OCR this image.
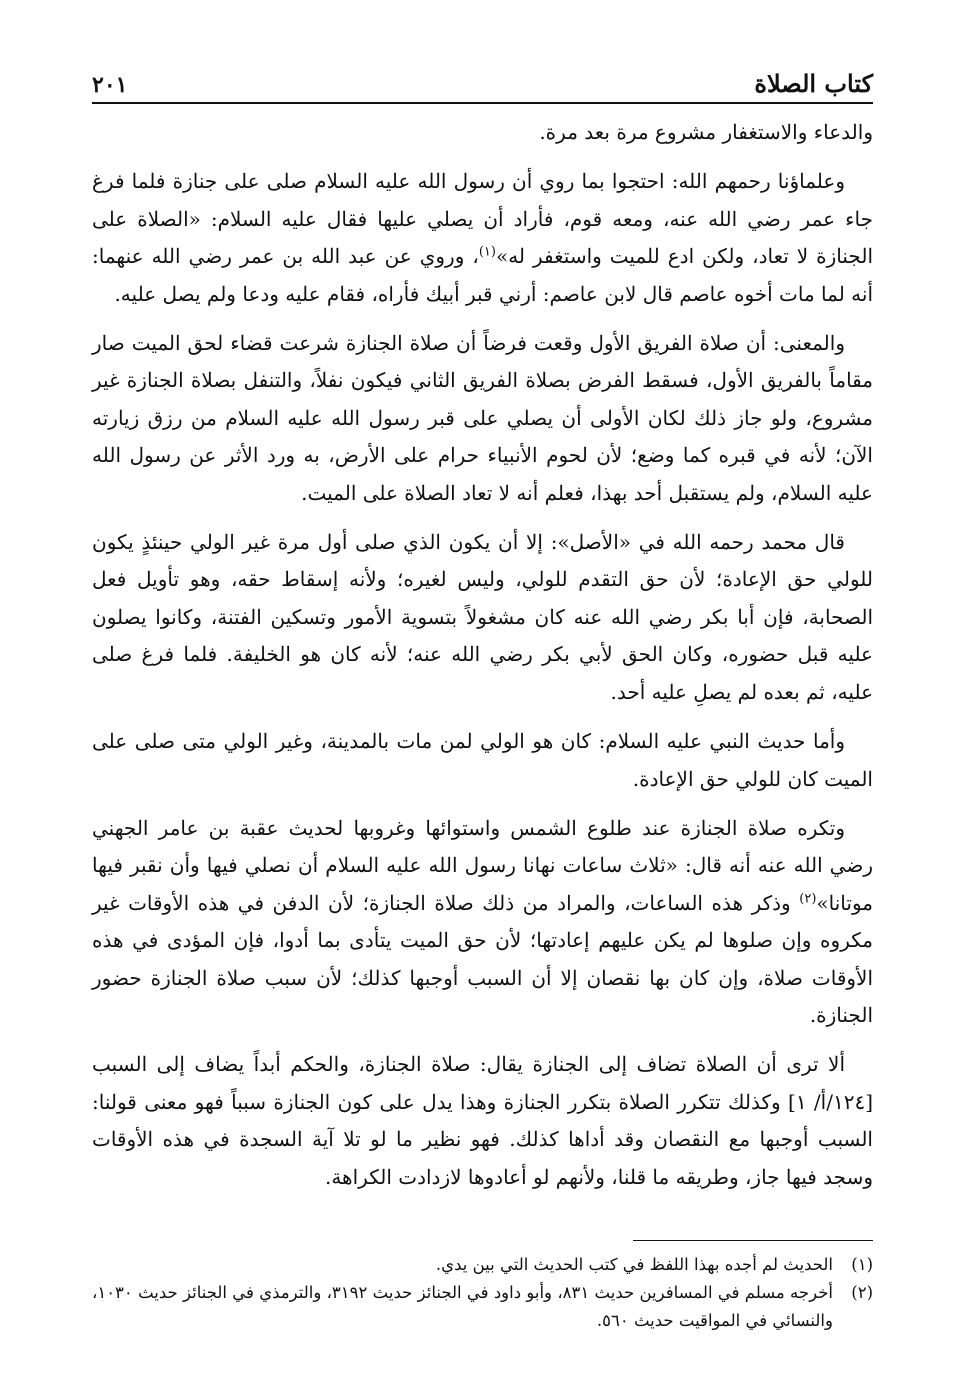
كتاب الصلاة
٢٠١

والدعاء والاستغفار مشروع مرة بعد مرة.

وعلماؤنا رحمهم الله: احتجوا بما روي أن رسول الله عليه السلام صلى على جنازة فلما فرغ جاء عمر رضي الله عنه، ومعه قوم، فأراد أن يصلي عليها فقال عليه السلام: «الصلاة على الجنازة لا تعاد، ولكن ادع للميت واستغفر له»$^{(١)}$، وروي عن عبد الله بن عمر رضي الله عنهما: أنه لما مات أخوه عاصم قال لابن عاصم: أرني قبر أبيك فأراه، فقام عليه ودعا ولم يصل عليه.

والمعنى: أن صلاة الفريق الأول وقعت فرضاً أن صلاة الجنازة شرعت قضاء لحق الميت صار مقاماً بالفريق الأول، فسقط الفرض بصلاة الفريق الثاني فيكون نفلاً، والتنفل بصلاة الجنازة غير مشروع، ولو جاز ذلك لكان الأولى أن يصلي على قبر رسول الله عليه السلام من رزق زيارته الآن؛ لأنه في قبره كما وضع؛ لأن لحوم الأنبياء حرام على الأرض، به ورد الأثر عن رسول الله عليه السلام، ولم يستقبل أحد بهذا، فعلم أنه لا تعاد الصلاة على الميت.

قال محمد رحمه الله في «الأصل»: إلا أن يكون الذي صلى أول مرة غير الولي حينئذٍ يكون للولي حق الإعادة؛ لأن حق التقدم للولي، وليس لغيره؛ ولأنه إسقاط حقه، وهو تأويل فعل الصحابة، فإن أبا بكر رضي الله عنه كان مشغولاً بتسوية الأمور وتسكين الفتنة، وكانوا يصلون عليه قبل حضوره، وكان الحق لأبي بكر رضي الله عنه؛ لأنه كان هو الخليفة. فلما فرغ صلى عليه، ثم بعده لم يصلِ عليه أحد.

وأما حديث النبي عليه السلام: كان هو الولي لمن مات بالمدينة، وغير الولي متى صلى على الميت كان للولي حق الإعادة.

وتكره صلاة الجنازة عند طلوع الشمس واستوائها وغروبها لحديث عقبة بن عامر الجهني رضي الله عنه أنه قال: «ثلاث ساعات نهانا رسول الله عليه السلام أن نصلي فيها وأن نقبر فيها موتانا»$^{(٢)}$ وذكر هذه الساعات، والمراد من ذلك صلاة الجنازة؛ لأن الدفن في هذه الأوقات غير مكروه وإن صلوها لم يكن عليهم إعادتها؛ لأن حق الميت يتأدى بما أدوا، فإن المؤدى في هذه الأوقات صلاة، وإن كان بها نقصان إلا أن السبب أوجبها كذلك؛ لأن سبب صلاة الجنازة حضور الجنازة.

ألا ترى أن الصلاة تضاف إلى الجنازة يقال: صلاة الجنازة، والحكم أبداً يضاف إلى السبب [١٢٤/أ/ ١] وكذلك تتكرر الصلاة بتكرر الجنازة وهذا يدل على كون الجنازة سبباً فهو معنى قولنا: السبب أوجبها مع النقصان وقد أداها كذلك. فهو نظير ما لو تلا آية السجدة في هذه الأوقات وسجد فيها جاز، وطريقه ما قلنا، ولأنهم لو أعادوها لازدادت الكراهة.

(١)
الحديث لم أجده بهذا اللفظ في كتب الحديث التي بين يدي.
(٢)
أخرجه مسلم في المسافرين حديث ٨٣١، وأبو داود في الجنائز حديث ٣١٩٢، والترمذي في الجنائز حديث ١٠٣٠، والنسائي في المواقيت حديث ٥٦٠.
